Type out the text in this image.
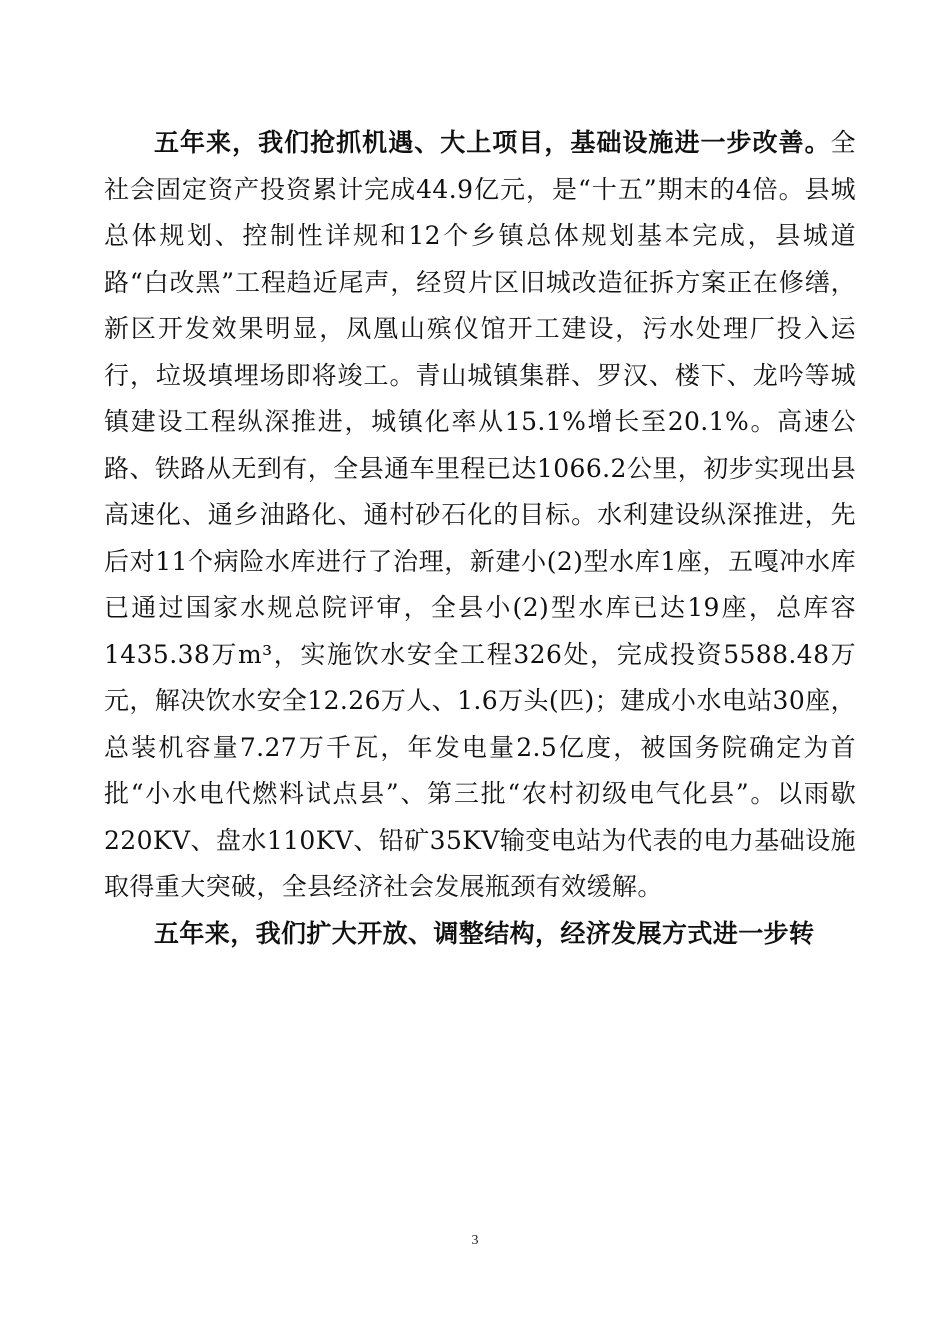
五年来，我们抢抓机遇、大上项目，基础设施进一步改善。全社会固定资产投资累计完成44.9亿元，是“十五”期末的4倍。县城总体规划、控制性详规和12个乡镇总体规划基本完成，县城道路“白改黑”工程趋近尾声，经贸片区旧城改造征拆方案正在修缮，新区开发效果明显，凤凰山殡仪馆开工建设，污水处理厂投入运行，垃圾填埋场即将竣工。青山城镇集群、罗汉、楼下、龙吟等城镇建设工程纵深推进，城镇化率从15.1%增长至20.1%。高速公路、铁路从无到有，全县通车里程已达1066.2公里，初步实现出县高速化、通乡油路化、通村砂石化的目标。水利建设纵深推进，先后对11个病险水库进行了治理，新建小(2)型水库1座，五嘎冲水库已通过国家水规总院评审，全县小(2)型水库已达19座，总库容1435.38万m³，实施饮水安全工程326处，完成投资5588.48万元，解决饮水安全12.26万人、1.6万头(匹)；建成小水电站30座，总装机容量7.27万千瓦，年发电量2.5亿度，被国务院确定为首批“小水电代燃料试点县”、第三批“农村初级电气化县”。以雨歇220KV、盘水110KV、铅矿35KV输变电站为代表的电力基础设施取得重大突破，全县经济社会发展瓶颈有效缓解。

五年来，我们扩大开放、调整结构，经济发展方式进一步转

3
